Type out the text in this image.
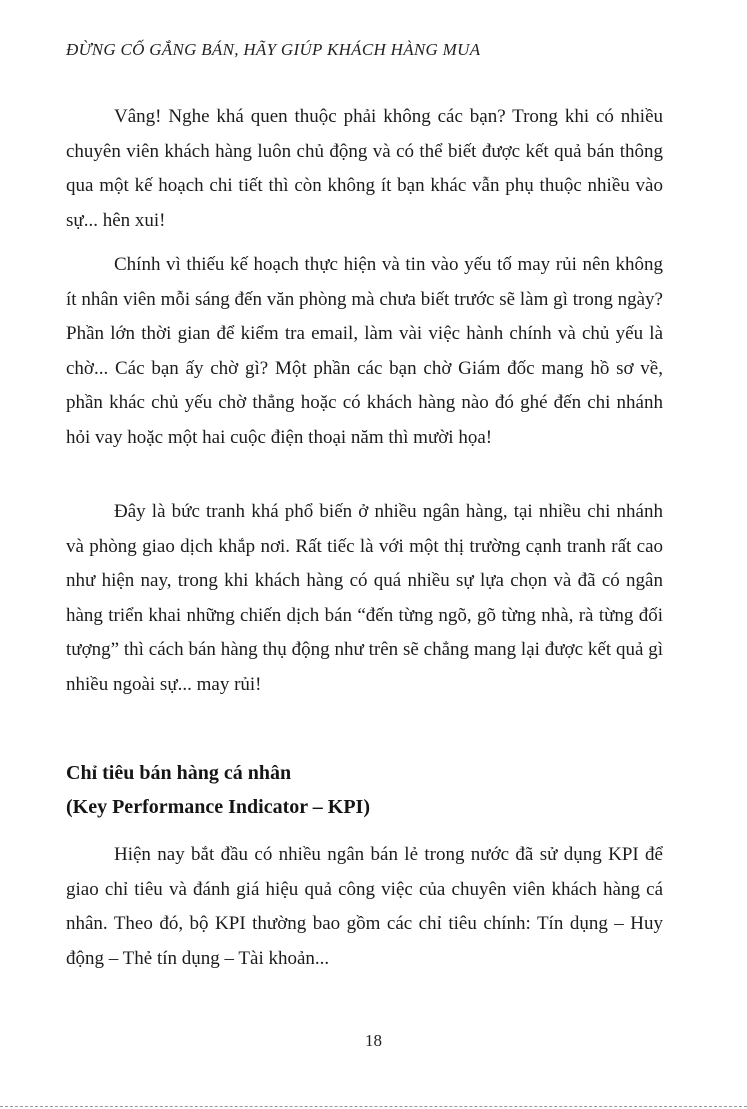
ĐỪNG CỐ GẮNG BÁN, HÃY GIÚP KHÁCH HÀNG MUA

Vâng! Nghe khá quen thuộc phải không các bạn? Trong khi có nhiều chuyên viên khách hàng luôn chủ động và có thể biết được kết quả bán thông qua một kế hoạch chi tiết thì còn không ít bạn khác vẫn phụ thuộc nhiều vào sự... hên xui!

Chính vì thiếu kế hoạch thực hiện và tin vào yếu tố may rủi nên không ít nhân viên mỗi sáng đến văn phòng mà chưa biết trước sẽ làm gì trong ngày? Phần lớn thời gian để kiểm tra email, làm vài việc hành chính và chủ yếu là chờ... Các bạn ấy chờ gì? Một phần các bạn chờ Giám đốc mang hồ sơ về, phần khác chủ yếu chờ thẳng hoặc có khách hàng nào đó ghé đến chi nhánh hỏi vay hoặc một hai cuộc điện thoại năm thì mười họa!

Đây là bức tranh khá phổ biến ở nhiều ngân hàng, tại nhiều chi nhánh và phòng giao dịch khắp nơi. Rất tiếc là với một thị trường cạnh tranh rất cao như hiện nay, trong khi khách hàng có quá nhiều sự lựa chọn và đã có ngân hàng triển khai những chiến dịch bán “đến từng ngõ, gõ từng nhà, rà từng đối tượng” thì cách bán hàng thụ động như trên sẽ chẳng mang lại được kết quả gì nhiều ngoài sự... may rủi!

Chỉ tiêu bán hàng cá nhân
(Key Performance Indicator – KPI)

Hiện nay bắt đầu có nhiều ngân bán lẻ trong nước đã sử dụng KPI để giao chỉ tiêu và đánh giá hiệu quả công việc của chuyên viên khách hàng cá nhân. Theo đó, bộ KPI thường bao gồm các chỉ tiêu chính: Tín dụng – Huy động – Thẻ tín dụng – Tài khoản...

18
